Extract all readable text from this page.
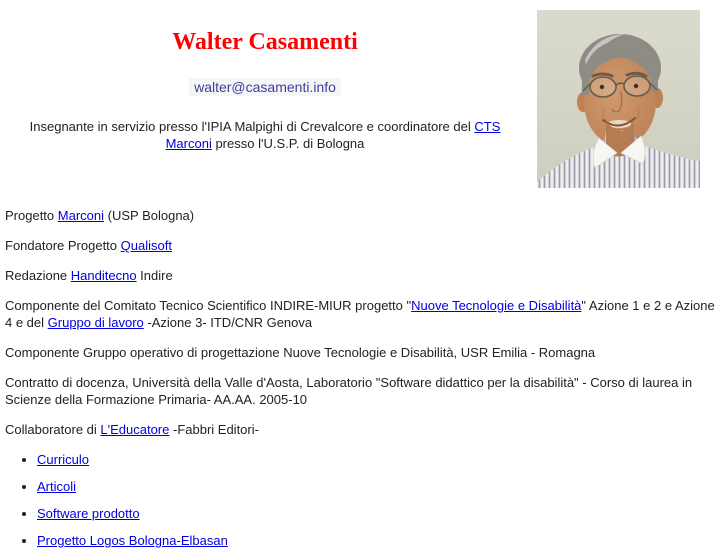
Walter Casamenti

walter@casamenti.info

Insegnante in servizio presso l'IPIA Malpighi di Crevalcore e coordinatore del CTS Marconi presso l'U.S.P. di Bologna

Progetto Marconi (USP Bologna)

Fondatore Progetto Qualisoft

Redazione Handitecno Indire

Componente del Comitato Tecnico Scientifico INDIRE-MIUR progetto "Nuove Tecnologie e Disabilità" Azione 1 e 2 e Azione 4 e del Gruppo di lavoro -Azione 3- ITD/CNR Genova

Componente Gruppo operativo di progettazione Nuove Tecnologie e Disabilità, USR Emilia - Romagna

Contratto di docenza, Università della Valle d'Aosta, Laboratorio "Software didattico per la disabilità" - Corso di laurea in Scienze della Formazione Primaria- AA.AA. 2005-10

Collaboratore di L'Educatore -Fabbri Editori-

• Curriculo
• Articoli
• Software prodotto
• Progetto Logos Bologna-Elbasan
